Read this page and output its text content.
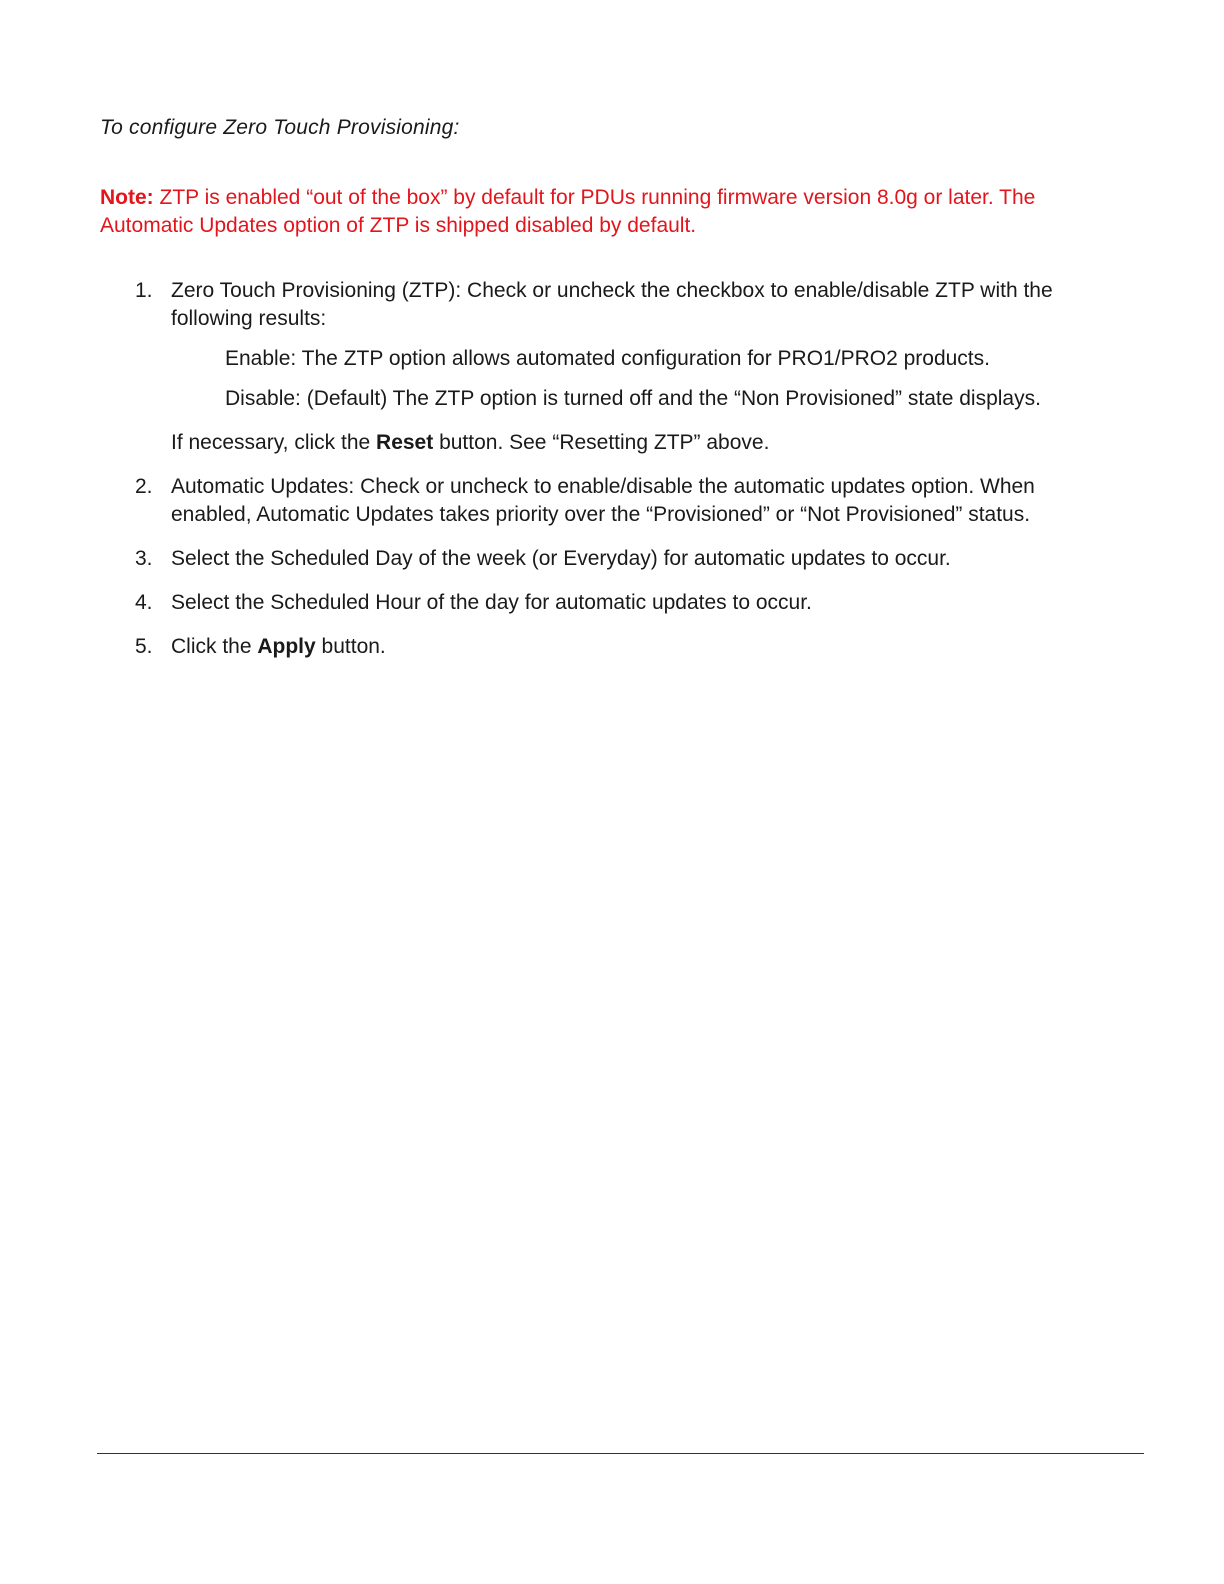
To configure Zero Touch Provisioning:

Note: ZTP is enabled “out of the box” by default for PDUs running firmware version 8.0g or later. The Automatic Updates option of ZTP is shipped disabled by default.

1. Zero Touch Provisioning (ZTP): Check or uncheck the checkbox to enable/disable ZTP with the following results:
Enable: The ZTP option allows automated configuration for PRO1/PRO2 products.
Disable: (Default) The ZTP option is turned off and the “Non Provisioned” state displays.
If necessary, click the Reset button. See “Resetting ZTP” above.
2. Automatic Updates: Check or uncheck to enable/disable the automatic updates option. When enabled, Automatic Updates takes priority over the “Provisioned” or “Not Provisioned” status.
3. Select the Scheduled Day of the week (or Everyday) for automatic updates to occur.
4. Select the Scheduled Hour of the day for automatic updates to occur.
5. Click the Apply button.
